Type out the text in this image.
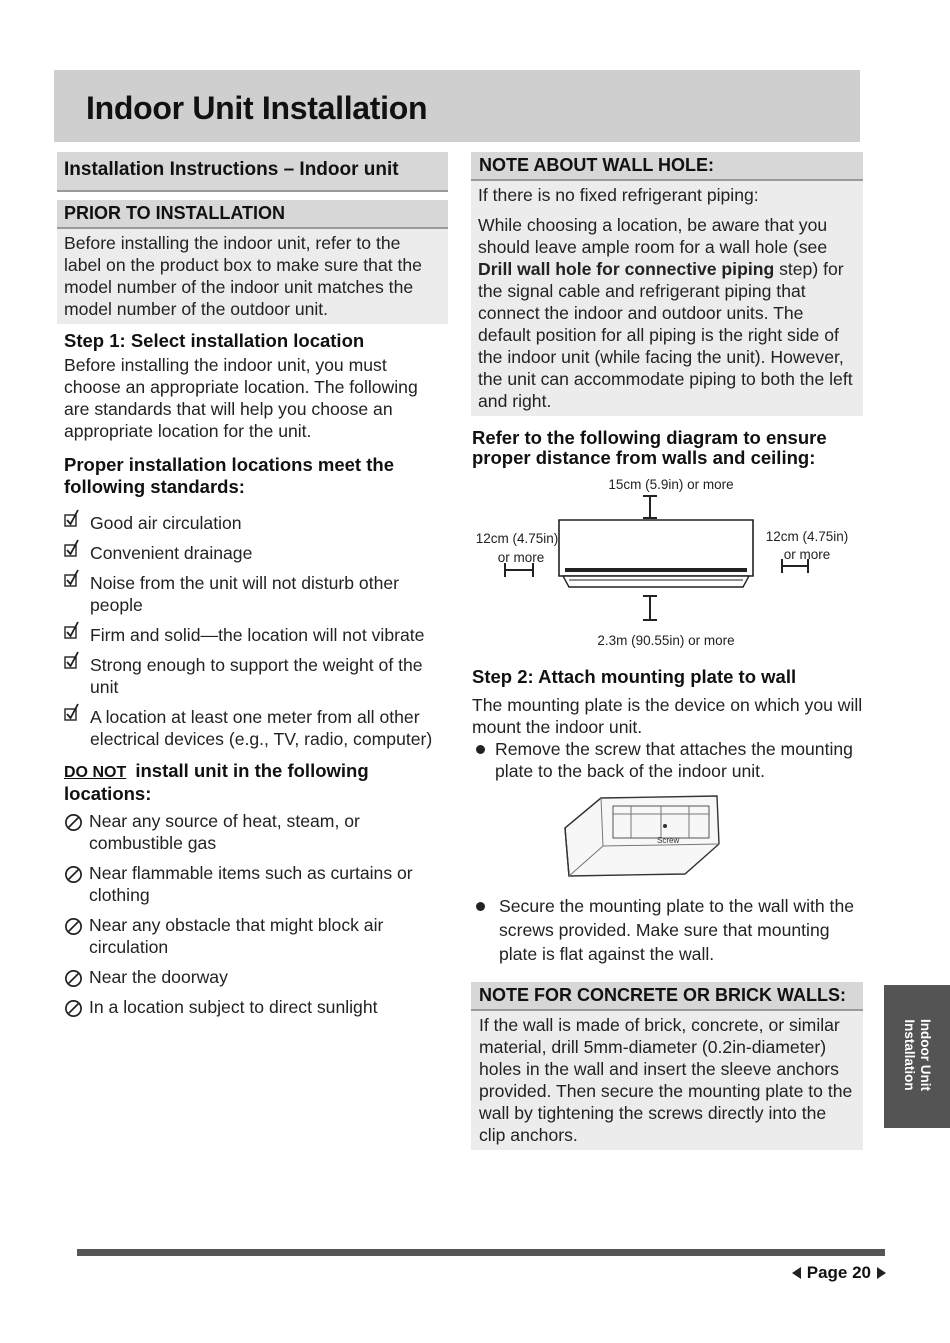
Indoor Unit Installation
Installation Instructions – Indoor unit
PRIOR TO INSTALLATION
Before installing the indoor unit, refer to the label on the product box to make sure that the model number of the indoor unit matches the model number of the outdoor unit.
Step 1: Select installation location
Before installing the indoor unit, you must choose an appropriate location. The following are standards that will help you choose an appropriate location for the unit.
Proper installation locations meet the following standards:
Good air circulation
Convenient drainage
Noise from the unit will not disturb other people
Firm and solid—the location will not vibrate
Strong enough to support the weight of the unit
A location at least one meter from all other electrical devices (e.g., TV, radio, computer)
DO NOT install unit in the following locations:
Near any source of heat, steam, or combustible gas
Near flammable items such as curtains or clothing
Near any obstacle that might block air circulation
Near the doorway
In a location subject to direct sunlight
NOTE ABOUT WALL HOLE:
If there is no fixed refrigerant piping:
While choosing a location, be aware that you should leave ample room for a wall hole (see Drill wall hole for connective piping step) for the signal cable and refrigerant piping that connect the indoor and outdoor units. The default position for all piping is the right side of the indoor unit (while facing the unit). However, the unit can accommodate piping to both the left and right.
Refer to the following diagram to ensure proper distance from walls and ceiling:
15cm (5.9in) or more
12cm (4.75in)
or more
12cm (4.75in)
or more
2.3m (90.55in) or more
Step 2: Attach mounting plate to wall
The mounting plate is the device on which you will mount the indoor unit.
Remove the screw that attaches the mounting plate to the back of the indoor unit.
Screw
Secure the mounting plate to the wall with the screws provided. Make sure that mounting plate is flat against the wall.
NOTE FOR CONCRETE OR BRICK WALLS:
If the wall is made of brick, concrete, or similar material, drill 5mm-diameter (0.2in-diameter) holes in the wall and insert the sleeve anchors provided. Then secure the mounting plate to the wall by tightening the screws directly into the clip anchors.
Indoor Unit Installation
Page 20
